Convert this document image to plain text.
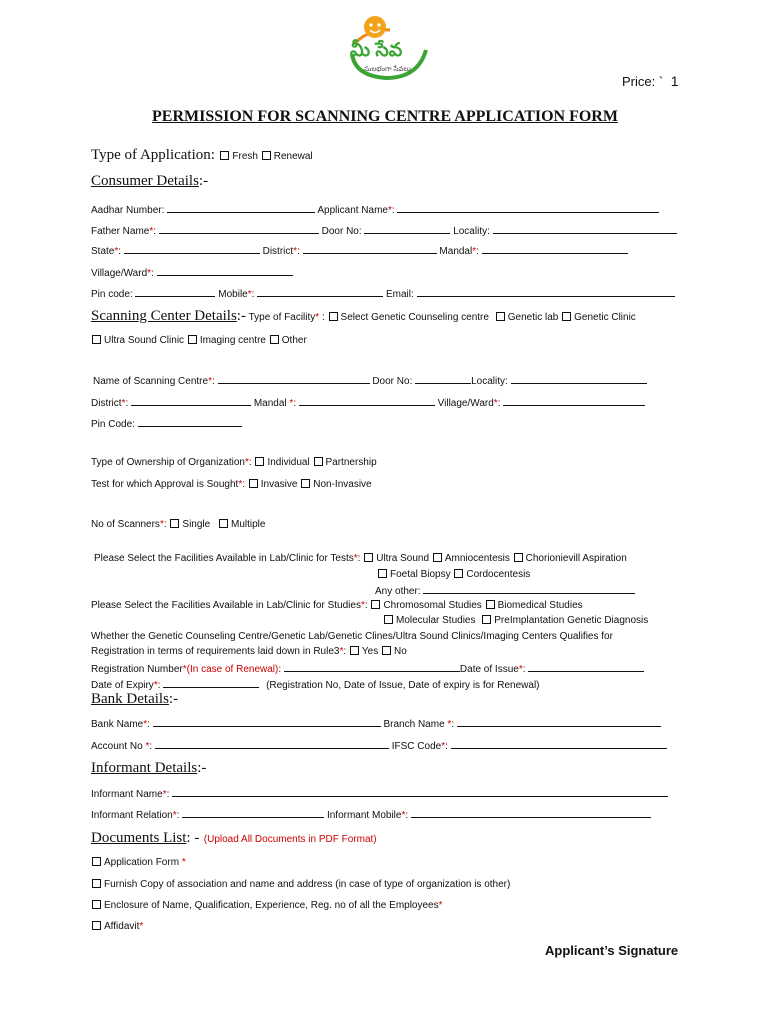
మీ సేవ
సులభంగా సేవలు
Price: ` 1
PERMISSION FOR SCANNING CENTRE APPLICATION FORM
Type of Application: Fresh Renewal
Consumer Details:-
Aadhar Number:	Applicant Name*:
Father Name*:	Door No:	Locality:
State*:	District*:	Mandal*:
Village/Ward*:
Pin code:	Mobile*:	Email:
Scanning Center Details:- Type of Facility* : Select Genetic Counseling centre Genetic lab Genetic Clinic
Ultra Sound Clinic Imaging centre Other
Name of Scanning Centre*:	Door No:	Locality:
District*:	Mandal *:	Village/Ward*:
Pin Code:
Type of Ownership of Organization*: Individual Partnership
Test for which Approval is Sought*: Invasive Non-Invasive
No of Scanners*: Single Multiple
Please Select the Facilities Available in Lab/Clinic for Tests*: Ultra Sound Amniocentesis Chorionievill Aspiration
Foetal Biopsy Cordocentesis
Any other:
Please Select the Facilities Available in Lab/Clinic for Studies*: Chromosomal Studies Biomedical Studies
Molecular Studies PreImplantation Genetic Diagnosis
Whether the Genetic Counseling Centre/Genetic Lab/Genetic Clines/Ultra Sound Clinics/Imaging Centers Qualifies for
Registration in terms of requirements laid down in Rule3*: Yes No
Registration Number*(In case of Renewal):	Date of Issue*:
Date of Expiry*:	(Registration No, Date of Issue, Date of expiry is for Renewal)
Bank Details:-
Bank Name*:	Branch Name *:
Account No *:	IFSC Code*:
Informant Details:-
Informant Name*:
Informant Relation*:	Informant Mobile*:
Documents List: - (Upload All Documents in PDF Format)
Application Form *
Furnish Copy of association and name and address (in case of type of organization is other)
Enclosure of Name, Qualification, Experience, Reg. no of all the Employees*
Affidavit*
Applicant’s Signature
